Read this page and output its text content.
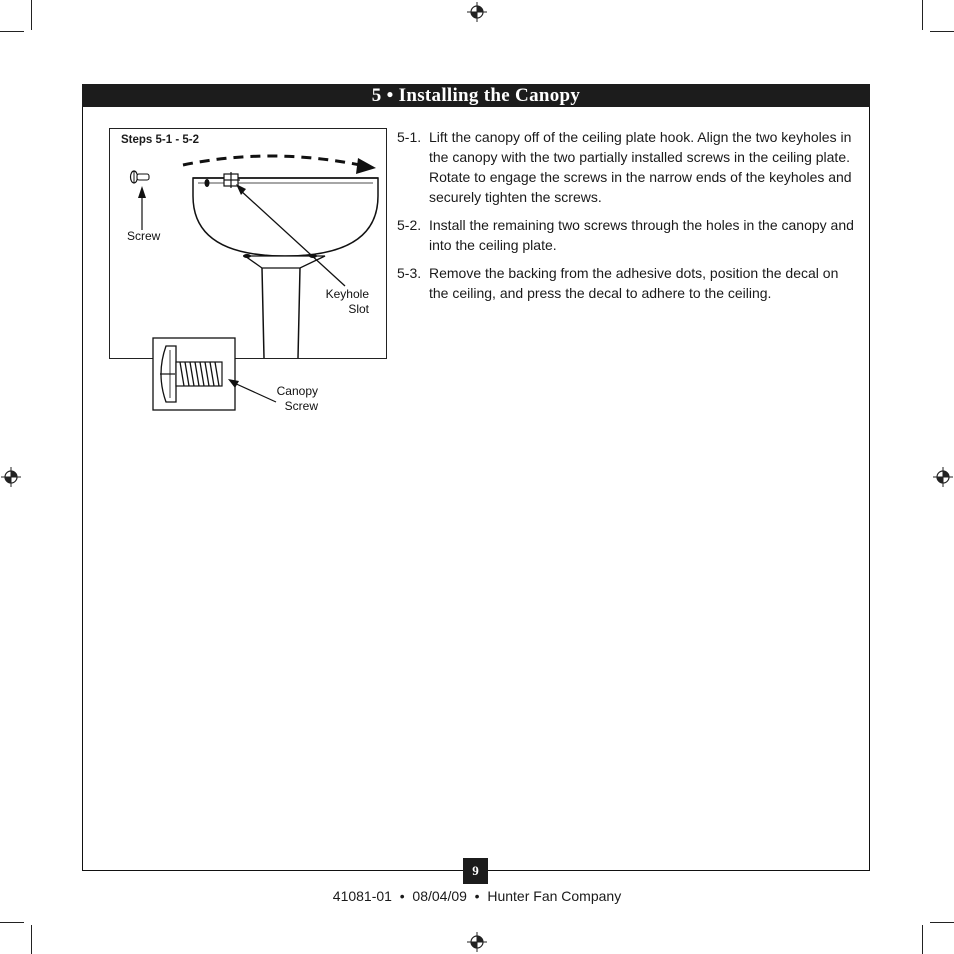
5 • Installing the Canopy
Steps 5-1 - 5-2
Screw
Keyhole
Slot
Canopy
Screw
5-1. Lift the canopy off of the ceiling plate hook. Align the two keyholes in the canopy with the two partially installed screws in the ceiling plate. Rotate to engage the screws in the narrow ends of the keyholes and securely tighten the screws.
5-2. Install the remaining two screws through the holes in the canopy and into the ceiling plate.
5-3. Remove the backing from the adhesive dots, position the decal on the ceiling, and press the decal to adhere to the ceiling.
9
41081-01  •  08/04/09  •  Hunter Fan Company
